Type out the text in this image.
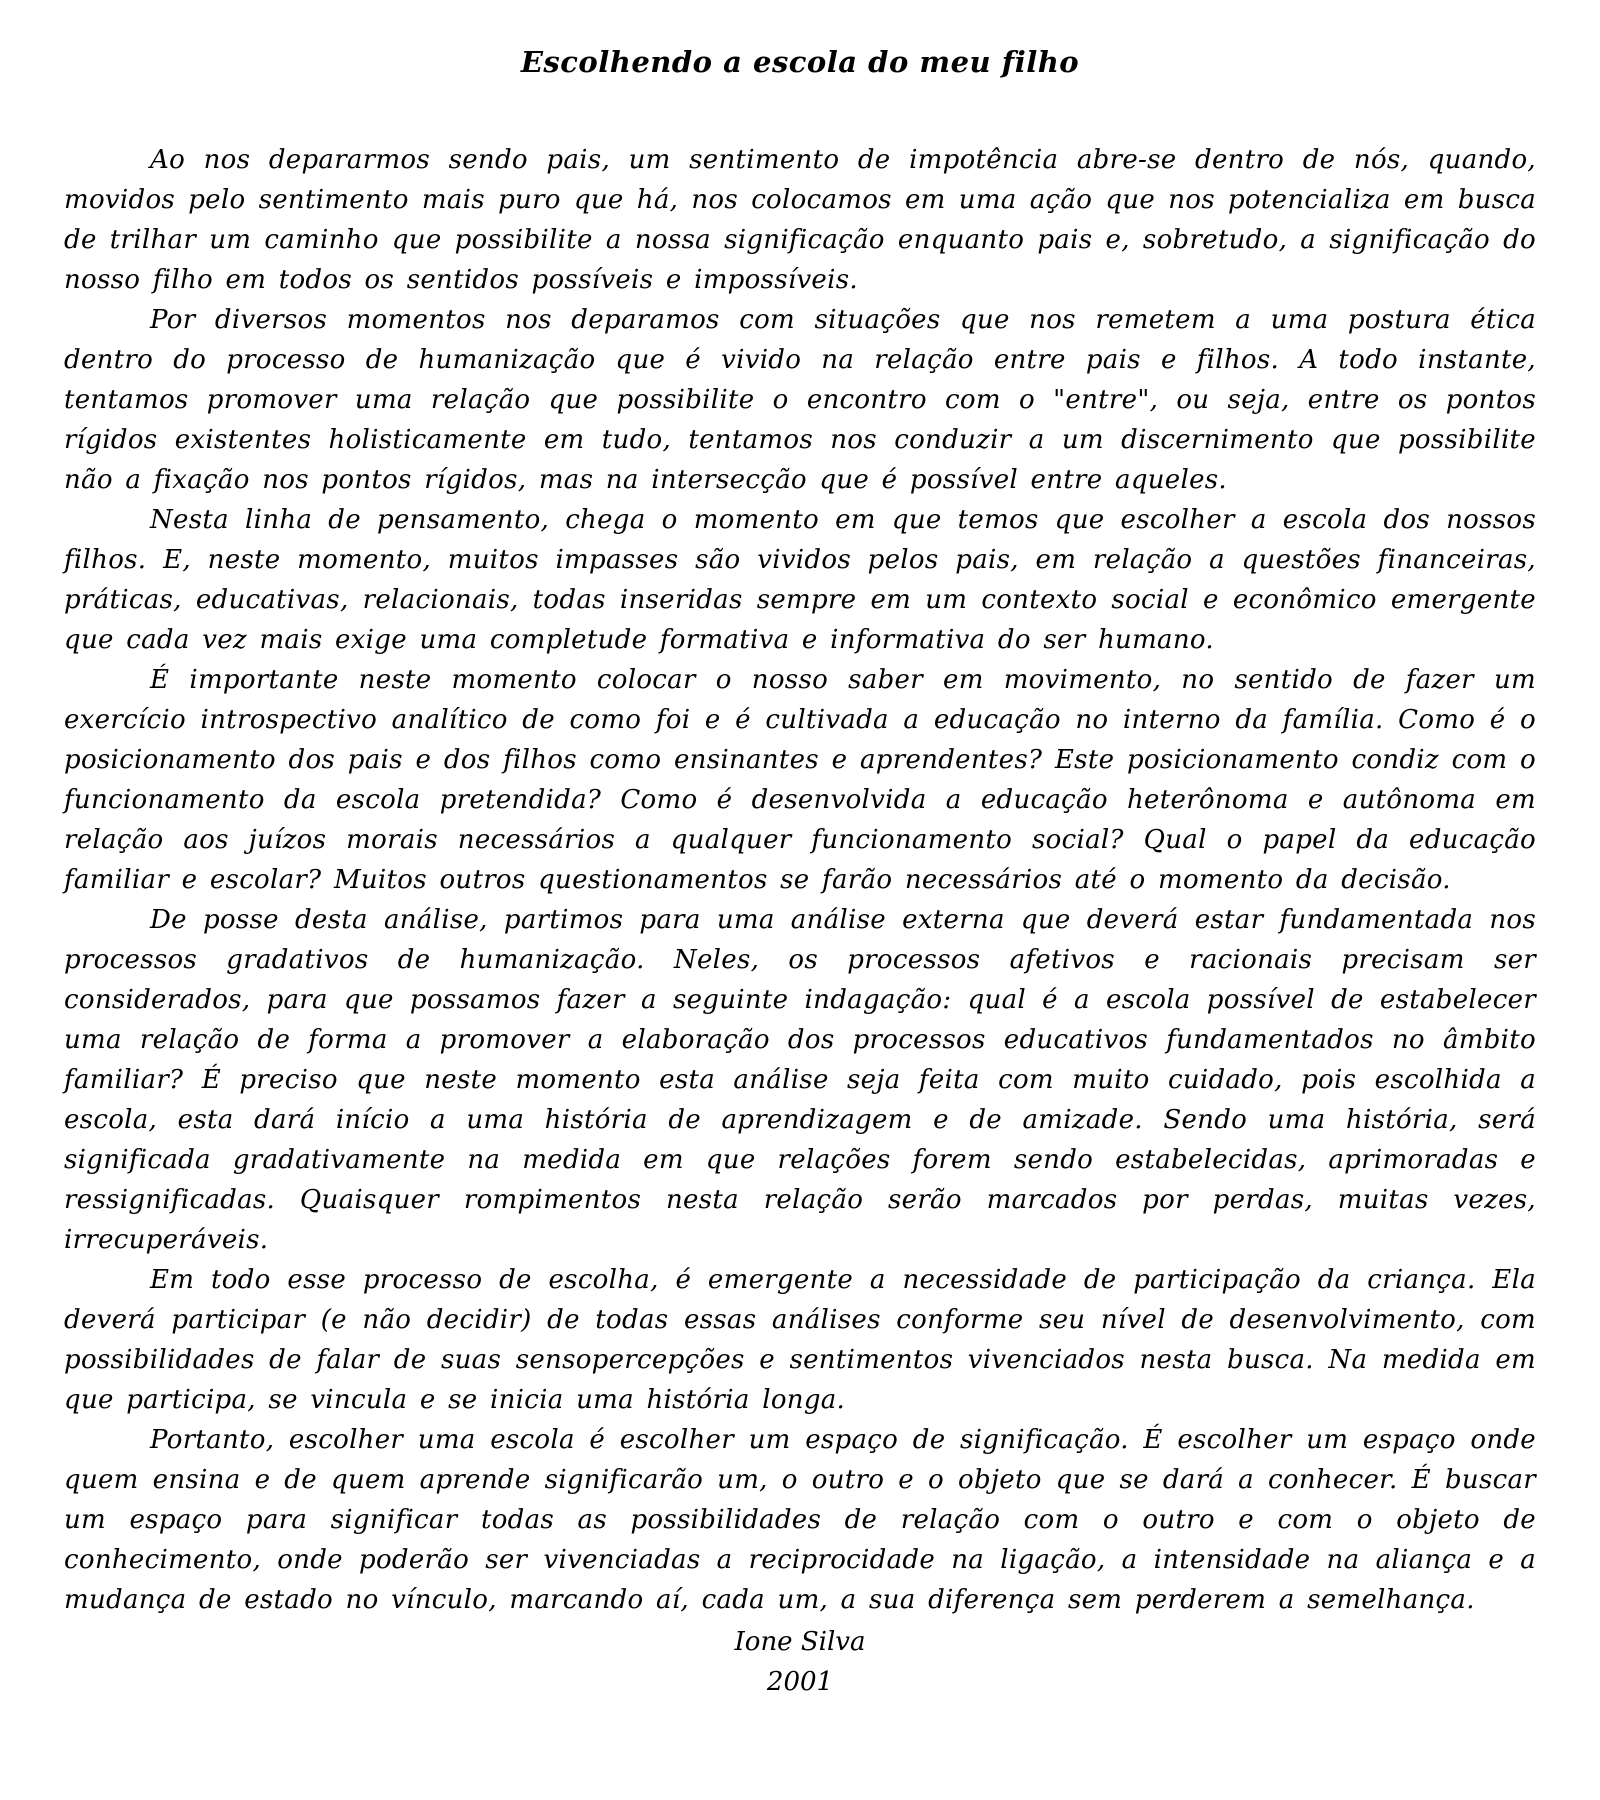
Escolhendo a escola do meu filho

Ao nos depararmos sendo pais, um sentimento de impotência abre-se dentro de nós, quando, movidos pelo sentimento mais puro que há, nos colocamos em uma ação que nos potencializa em busca de trilhar um caminho que possibilite a nossa significação enquanto pais e, sobretudo, a significação do nosso filho em todos os sentidos possíveis e impossíveis.

Por diversos momentos nos deparamos com situações que nos remetem a uma postura ética dentro do processo de humanização que é vivido na relação entre pais e filhos. A todo instante, tentamos promover uma relação que possibilite o encontro com o "entre", ou seja, entre os pontos rígidos existentes holisticamente em tudo, tentamos nos conduzir a um discernimento que possibilite não a fixação nos pontos rígidos, mas na intersecção que é possível entre aqueles.

Nesta linha de pensamento, chega o momento em que temos que escolher a escola dos nossos filhos. E, neste momento, muitos impasses são vividos pelos pais, em relação a questões financeiras, práticas, educativas, relacionais, todas inseridas sempre em um contexto social e econômico emergente que cada vez mais exige uma completude formativa e informativa do ser humano.

É importante neste momento colocar o nosso saber em movimento, no sentido de fazer um exercício introspectivo analítico de como foi e é cultivada a educação no interno da família. Como é o posicionamento dos pais e dos filhos como ensinantes e aprendentes? Este posicionamento condiz com o funcionamento da escola pretendida? Como é desenvolvida a educação heterônoma e autônoma em relação aos juízos morais necessários a qualquer funcionamento social? Qual o papel da educação familiar e escolar? Muitos outros questionamentos se farão necessários até o momento da decisão.

De posse desta análise, partimos para uma análise externa que deverá estar fundamentada nos processos gradativos de humanização. Neles, os processos afetivos e racionais precisam ser considerados, para que possamos fazer a seguinte indagação: qual é a escola possível de estabelecer uma relação de forma a promover a elaboração dos processos educativos fundamentados no âmbito familiar? É preciso que neste momento esta análise seja feita com muito cuidado, pois escolhida a escola, esta dará início a uma história de aprendizagem e de amizade. Sendo uma história, será significada gradativamente na medida em que relações forem sendo estabelecidas, aprimoradas e ressignificadas. Quaisquer rompimentos nesta relação serão marcados por perdas, muitas vezes, irrecuperáveis.

Em todo esse processo de escolha, é emergente a necessidade de participação da criança. Ela deverá participar (e não decidir) de todas essas análises conforme seu nível de desenvolvimento, com possibilidades de falar de suas sensopercepções e sentimentos vivenciados nesta busca. Na medida em que participa, se vincula e se inicia uma história longa.

Portanto, escolher uma escola é escolher um espaço de significação. É escolher um espaço onde quem ensina e de quem aprende significarão um, o outro e o objeto que se dará a conhecer. É buscar um espaço para significar todas as possibilidades de relação com o outro e com o objeto de conhecimento, onde poderão ser vivenciadas a reciprocidade na ligação, a intensidade na aliança e a mudança de estado no vínculo, marcando aí, cada um, a sua diferença sem perderem a semelhança.

Ione Silva

2001
